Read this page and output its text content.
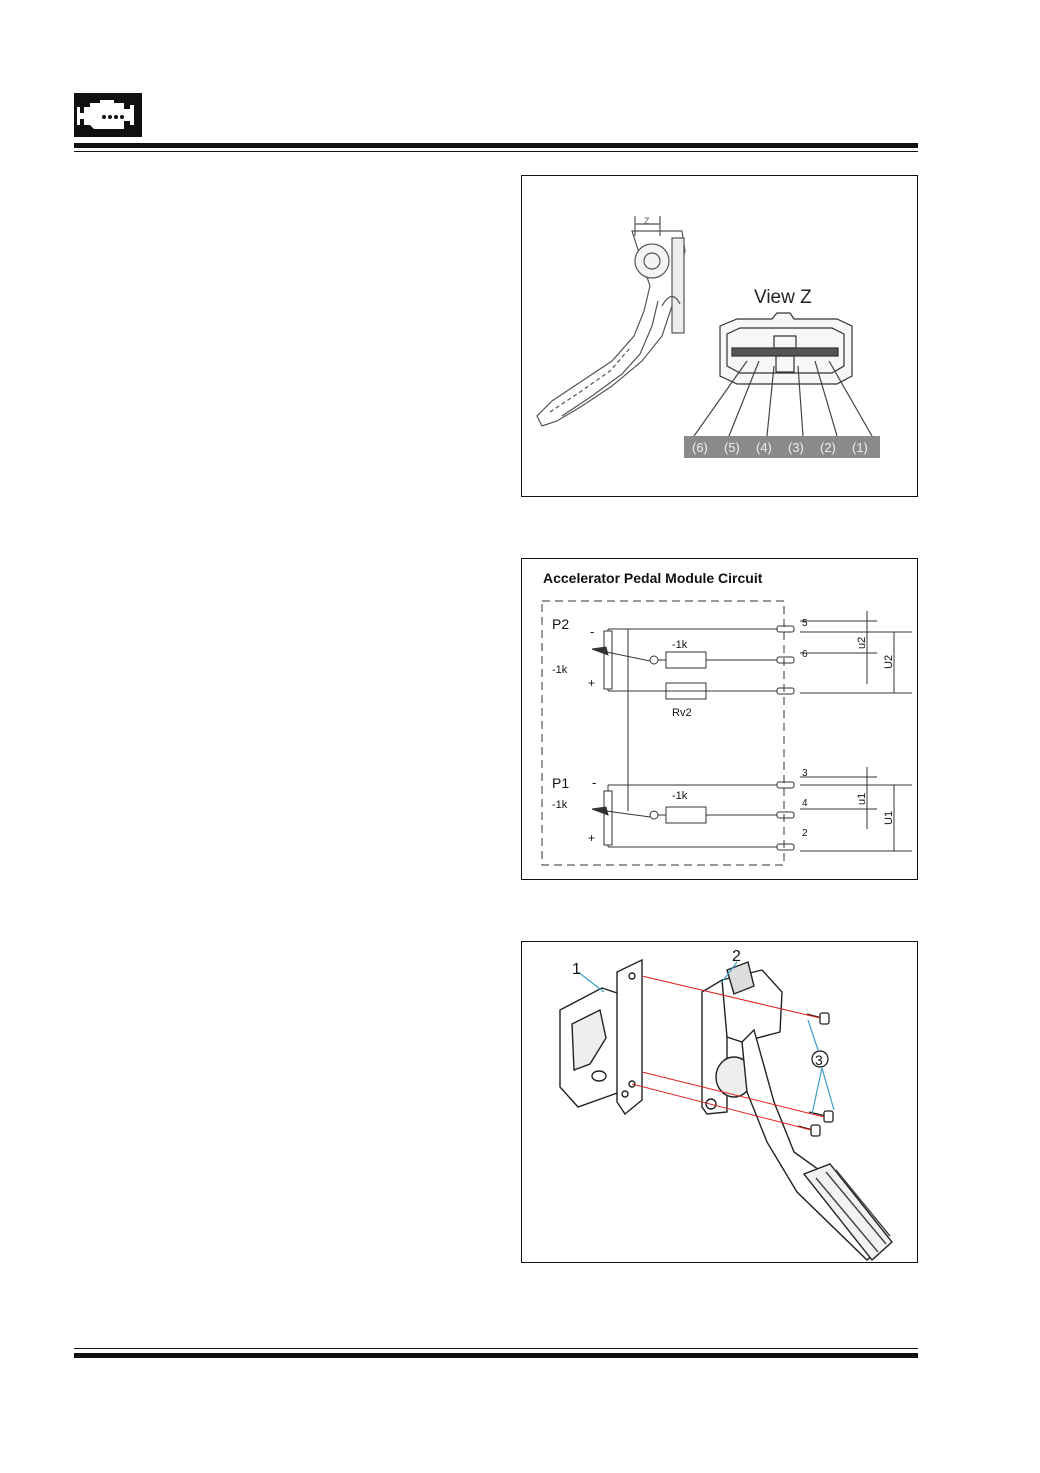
Z
View Z
(6) (5) (4) (3) (2) (1)
Accelerator Pedal Module Circuit
P2 -
+
-1k
-1k
Rv2
P1 -
+
-1k
-1k
5
6
3
4
2
u2
U2
u1
U1
1
2
3
